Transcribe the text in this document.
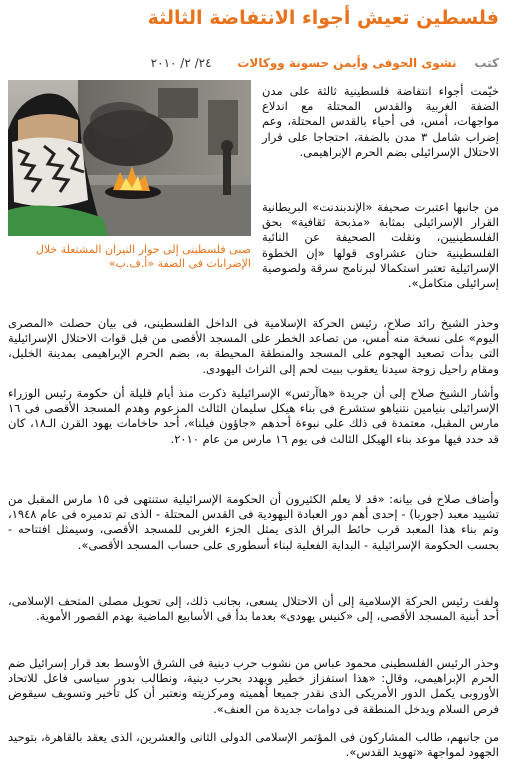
فلسطين تعيش أجواء الانتفاضة الثالثة
كتب نشوى الحوفى وأيمن حسونة ووكالات ٢٤/ ٢/ ٢٠١٠
صبى فلسطينى إلى جوار النيران المشتعلة خلال الإضرابات فى الضفة «أ.ف.ب»

خيّمت أجواء انتفاضة فلسطينية ثالثة على مدن الضفة الغربية والقدس المحتلة مع اندلاع مواجهات، أمس، فى أحياء بالقدس المحتلة، وعم إضراب شامل ٣ مدن بالضفة، احتجاجا على قرار الاحتلال الإسرائيلى بضم الحرم الإبراهيمى.

من جانبها اعتبرت صحيفة «الإندبندنت» البريطانية القرار الإسرائيلى بمثابة «مذبحة ثقافية» بحق الفلسطينيين، ونقلت الصحيفة عن النائبة الفلسطينية حنان عشراوى قولها «إن الخطوة الإسرائيلية تعتبر استكمالا لبرنامج سرقة ولصوصية إسرائيلى متكامل».

وحذر الشيخ رائد صلاح، رئيس الحركة الإسلامية فى الداخل الفلسطينى، فى بيان حصلت «المصرى اليوم» على نسخة منه أمس، من تصاعد الخطر على المسجد الأقصى من قبل قوات الاحتلال الإسرائيلية التى بدأت تصعيد الهجوم على المسجد والمنطقة المحيطة به، بضم الحرم الإبراهيمى بمدينة الخليل، ومقام راحيل زوجة سيدنا يعقوب ببيت لحم إلى التراث اليهودى.

وأشار الشيخ صلاح إلى أن جريدة «هاآرتس» الإسرائيلية ذكرت منذ أيام قليلة أن حكومة رئيس الوزراء الإسرائيلى بنيامين نتنياهو ستشرع فى بناء هيكل سليمان الثالث المزعوم وهدم المسجد الأقصى فى ١٦ مارس المقبل، معتمدة فى ذلك على نبوءة أحدهم «جاؤون فيلنا»، أحد حاخامات يهود القرن الـ١٨، كان قد حدد فيها موعد بناء الهيكل الثالث فى يوم ١٦ مارس من عام ٢٠١٠.

وأضاف صلاح فى بيانه: «قد لا يعلم الكثيرون أن الحكومة الإسرائيلية ستنتهى فى ١٥ مارس المقبل من تشييد معبد (جوربا) - إحدى أهم دور العبادة اليهودية فى القدس المحتلة - الذى تم تدميره فى عام ١٩٤٨، وتم بناء هذا المعبد قرب حائط البراق الذى يمثل الجزء الغربى للمسجد الأقصى، وسيمثل افتتاحه - بحسب الحكومة الإسرائيلية - البداية الفعلية لبناء أسطورى على حساب المسجد الأقصى».

ولفت رئيس الحركة الإسلامية إلى أن الاحتلال يسعى، بجانب ذلك، إلى تحويل مصلى المتحف الإسلامى، أحد أبنية المسجد الأقصى، إلى «كنيس يهودى» بعدما بدأ فى الأسابيع الماضية بهدم القصور الأموية.

وحذر الرئيس الفلسطينى محمود عباس من نشوب حرب دينية فى الشرق الأوسط بعد قرار إسرائيل ضم الحرم الإبراهيمى، وقال: «هذا استفزاز خطير ويهدد بحرب دينية، ونطالب بدور سياسى فاعل للاتحاد الأوروبى يكمل الدور الأمريكى الذى نقدر جميعا أهميته ومركزيته ونعتبر أن كل تأخير وتسويف سيقوض فرص السلام ويدخل المنطقة فى دوامات جديدة من العنف».

من جانبهم، طالب المشاركون فى المؤتمر الإسلامى الدولى الثانى والعشرين، الذى يعقد بالقاهرة، بتوحيد الجهود لمواجهة «تهويد القدس».
